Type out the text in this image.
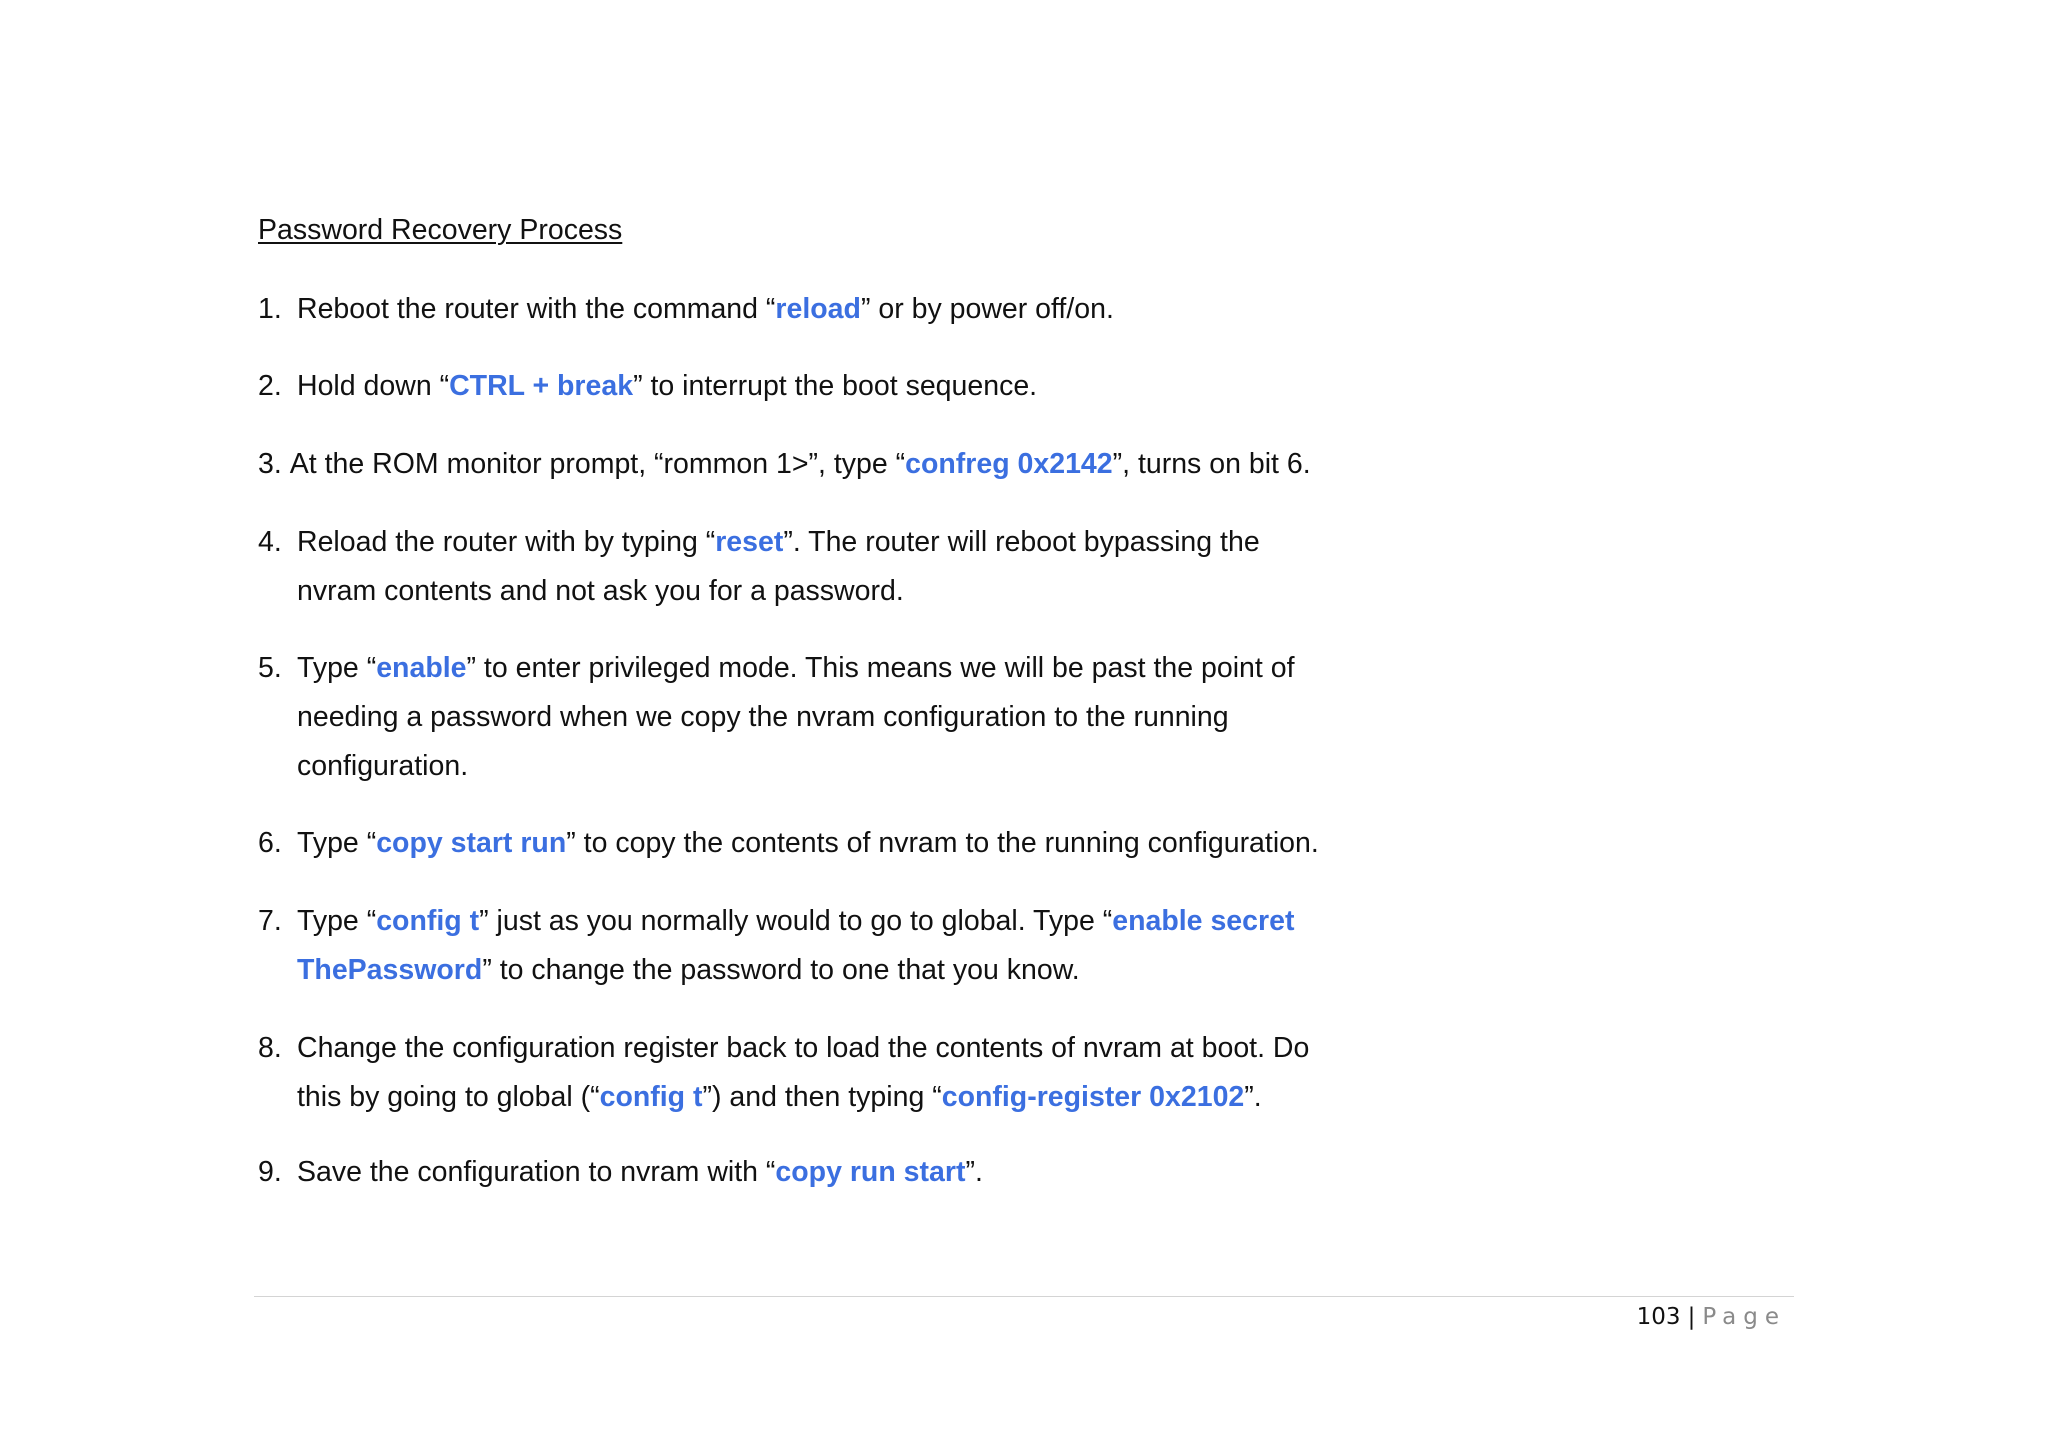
Password Recovery Process
1. Reboot the router with the command “reload” or by power off/on.
2. Hold down “CTRL + break” to interrupt the boot sequence.
3. At the ROM monitor prompt, “rommon 1>”, type “confreg 0x2142”, turns on bit 6.
4. Reload the router with by typing “reset”. The router will reboot bypassing the
nvram contents and not ask you for a password.
5. Type “enable” to enter privileged mode. This means we will be past the point of
needing a password when we copy the nvram configuration to the running
configuration.
6. Type “copy start run” to copy the contents of nvram to the running configuration.
7. Type “config t” just as you normally would to go to global. Type “enable secret
ThePassword” to change the password to one that you know.
8. Change the configuration register back to load the contents of nvram at boot. Do
this by going to global (“config t”) and then typing “config-register 0x2102”.
9. Save the configuration to nvram with “copy run start”.
103 | Page
